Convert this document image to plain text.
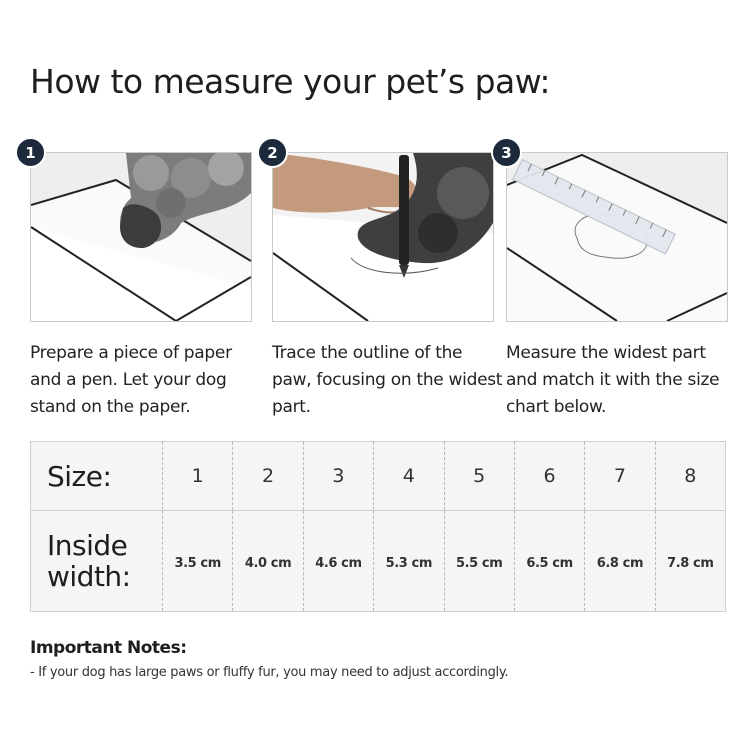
How to measure your pet’s paw:
1
Prepare a piece of paper and a pen. Let your dog stand on the paper.
2
Trace the outline of the paw, focusing on the widest part.
3
Measure the widest part and match it with the size chart below.
Size:	1	2	3	4	5	6	7	8

Inside
width:	3.5 cm	4.0 cm	4.6 cm	5.3 cm	5.5 cm	6.5 cm	6.8 cm	7.8 cm
Important Notes:

- If your dog has large paws or fluffy fur, you may need to adjust accordingly.
